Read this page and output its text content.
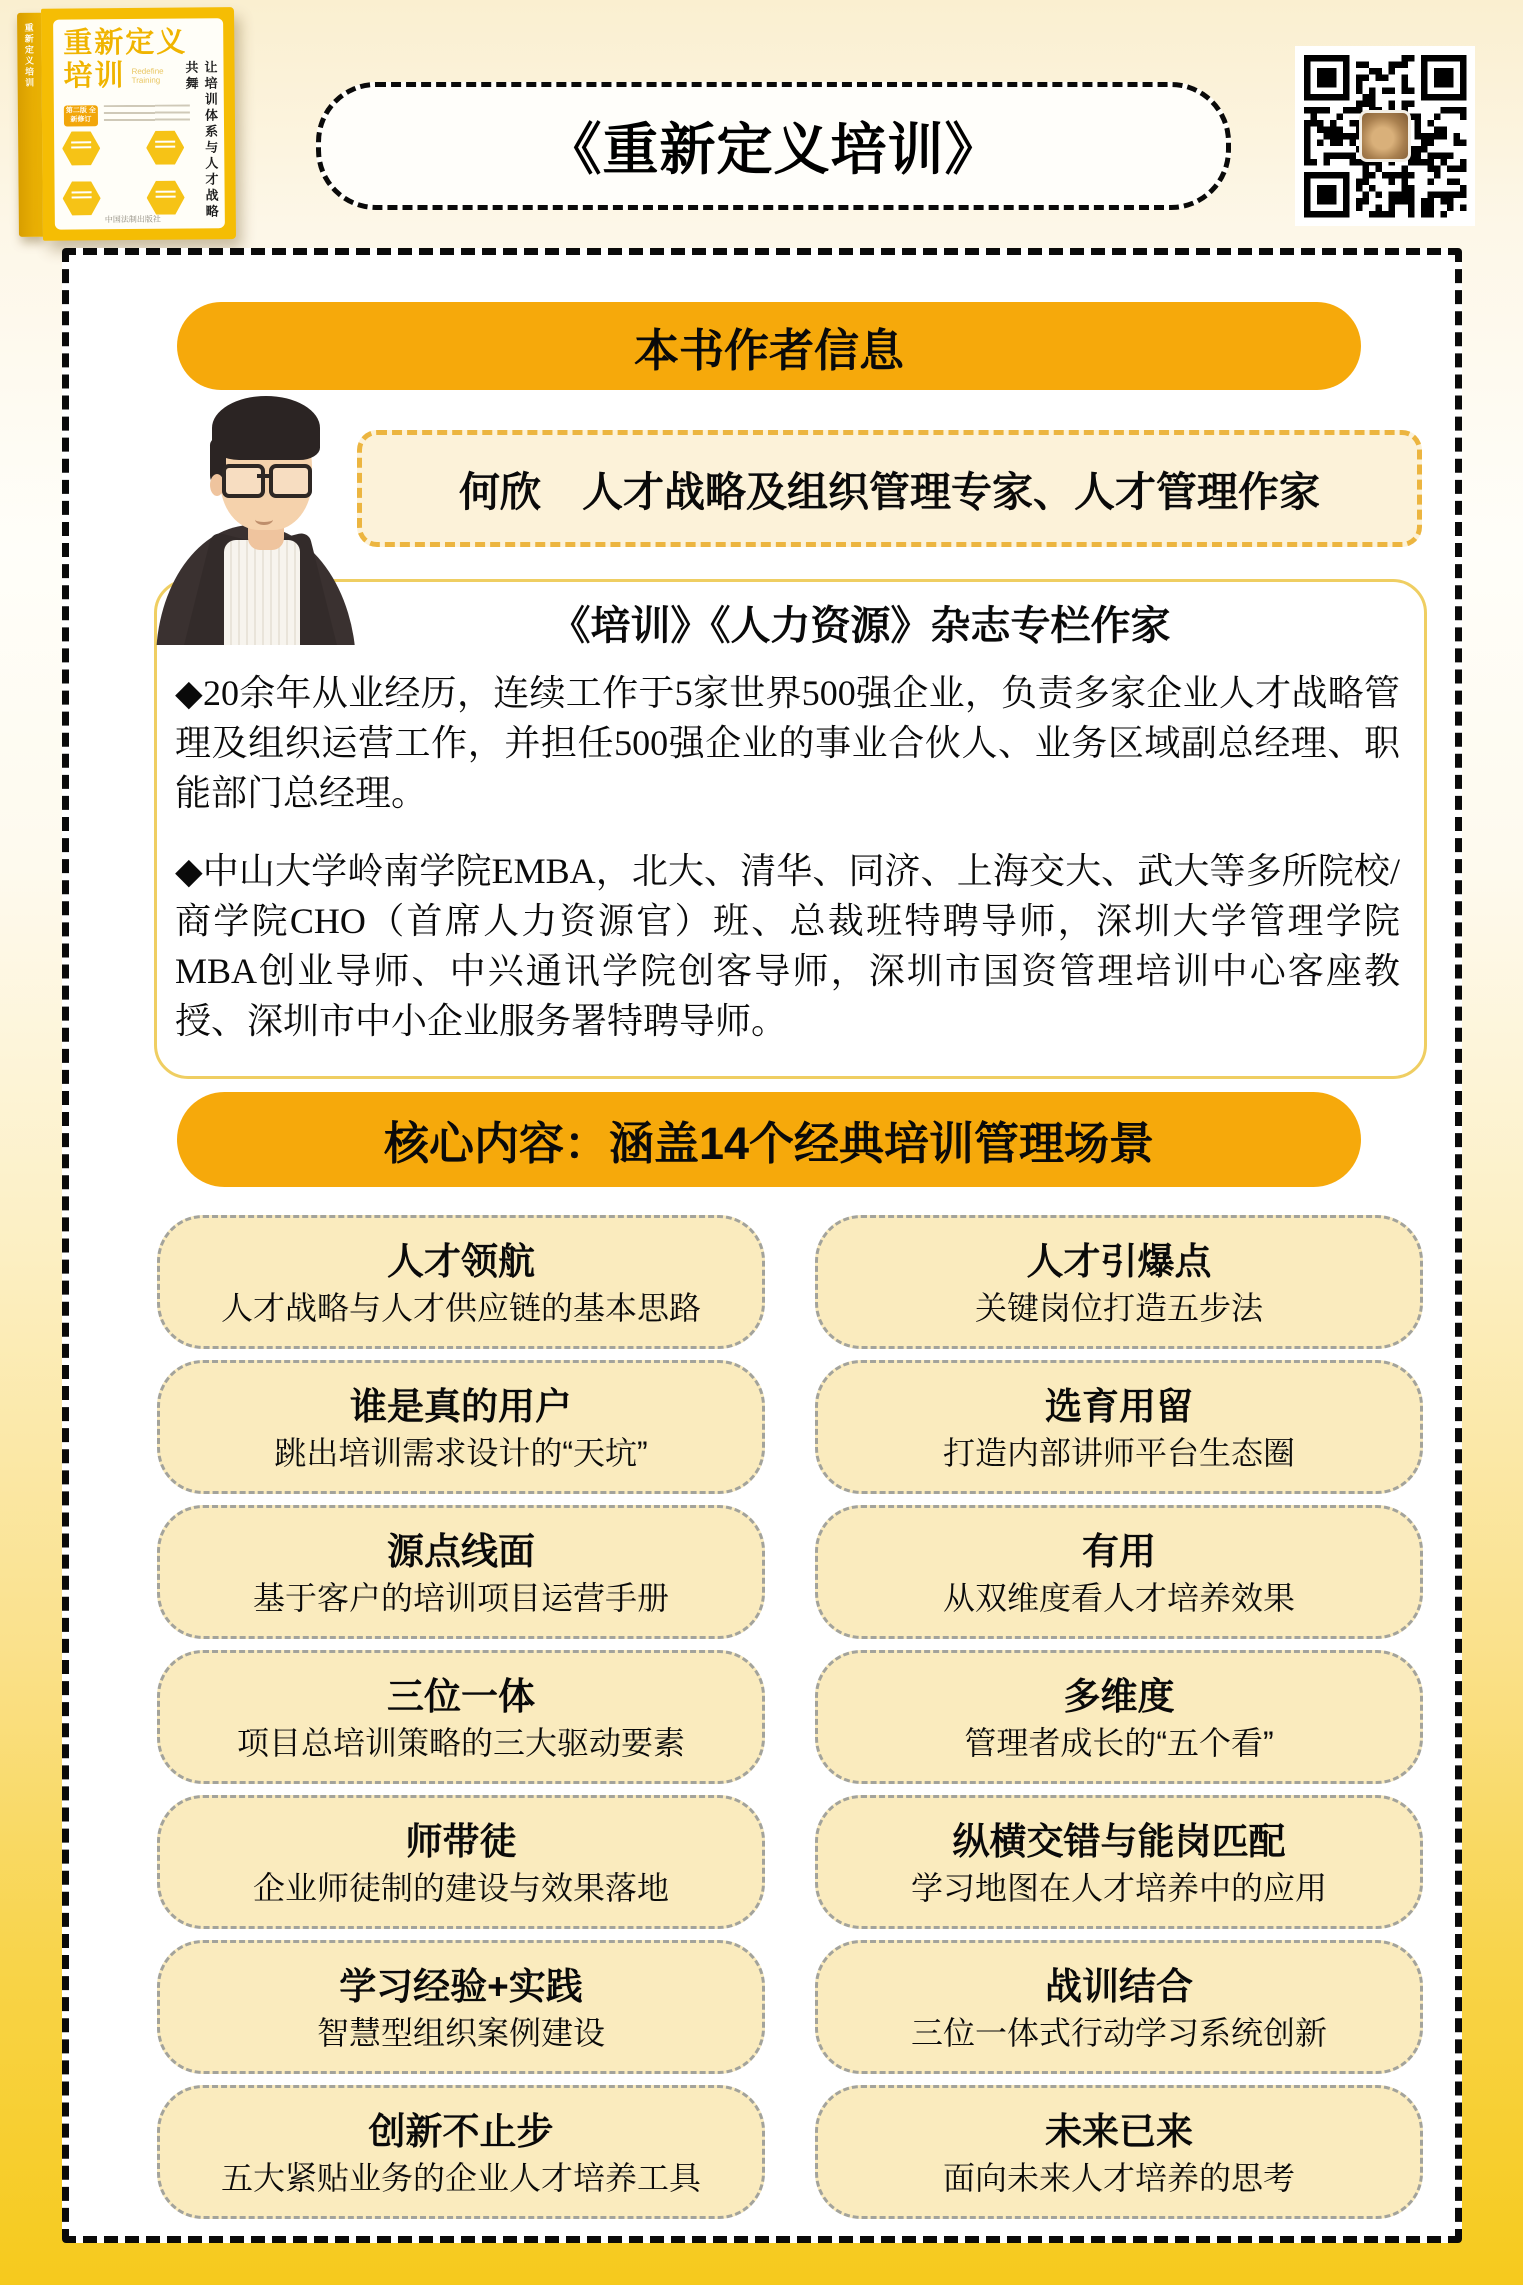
重新定义培训 重新定义
培训 Redefine Training	让培训体系与人才战略共舞
第二版 全新修订
中国法制出版社
《重新定义培训》
本书作者信息
何欣　人才战略及组织管理专家、人才管理作家
《培训》《人力资源》杂志专栏作家

◆20余年从业经历，连续工作于5家世界500强企业，负责多家企业人才战略管理及组织运营工作，并担任500强企业的事业合伙人、业务区域副总经理、职能部门总经理。

◆中山大学岭南学院EMBA，北大、清华、同济、上海交大、武大等多所院校/商学院CHO（首席人力资源官）班、总裁班特聘导师，深圳大学管理学院MBA创业导师、中兴通讯学院创客导师，深圳市国资管理培训中心客座教授、深圳市中小企业服务署特聘导师。

核心内容：涵盖14个经典培训管理场景
人才领航
人才战略与人才供应链的基本思路
人才引爆点
关键岗位打造五步法
谁是真的用户
跳出培训需求设计的“天坑”
选育用留
打造内部讲师平台生态圈
源点线面
基于客户的培训项目运营手册
有用
从双维度看人才培养效果
三位一体
项目总培训策略的三大驱动要素
多维度
管理者成长的“五个看”
师带徒
企业师徒制的建设与效果落地
纵横交错与能岗匹配
学习地图在人才培养中的应用
学习经验+实践
智慧型组织案例建设
战训结合
三位一体式行动学习系统创新
创新不止步
五大紧贴业务的企业人才培养工具
未来已来
面向未来人才培养的思考
